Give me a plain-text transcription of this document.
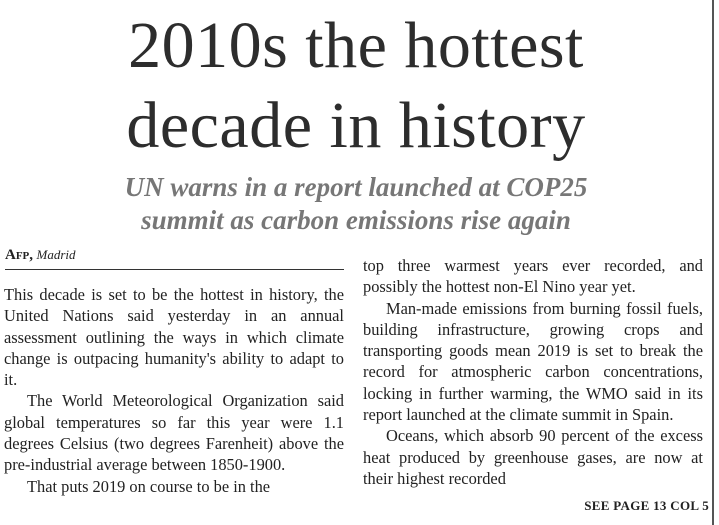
2010s the hottest
decade in history
UN warns in a report launched at COP25
summit as carbon emissions rise again
Afp, Madrid

This decade is set to be the hottest in history, the United Nations said yesterday in an annual assessment outlining the ways in which climate change is outpacing humanity's ability to adapt to it.

The World Meteorological Organization said global temperatures so far this year were 1.1 degrees Celsius (two degrees Farenheit) above the pre-industrial average between 1850-1900.

That puts 2019 on course to be in the

top three warmest years ever recorded, and possibly the hottest non-El Nino year yet.

Man-made emissions from burning fossil fuels, building infrastructure, growing crops and transporting goods mean 2019 is set to break the record for atmospheric carbon concentrations, locking in further warming, the WMO said in its report launched at the climate summit in Spain.

Oceans, which absorb 90 percent of the excess heat produced by greenhouse gases, are now at their highest recorded

SEE PAGE 13 COL 5
